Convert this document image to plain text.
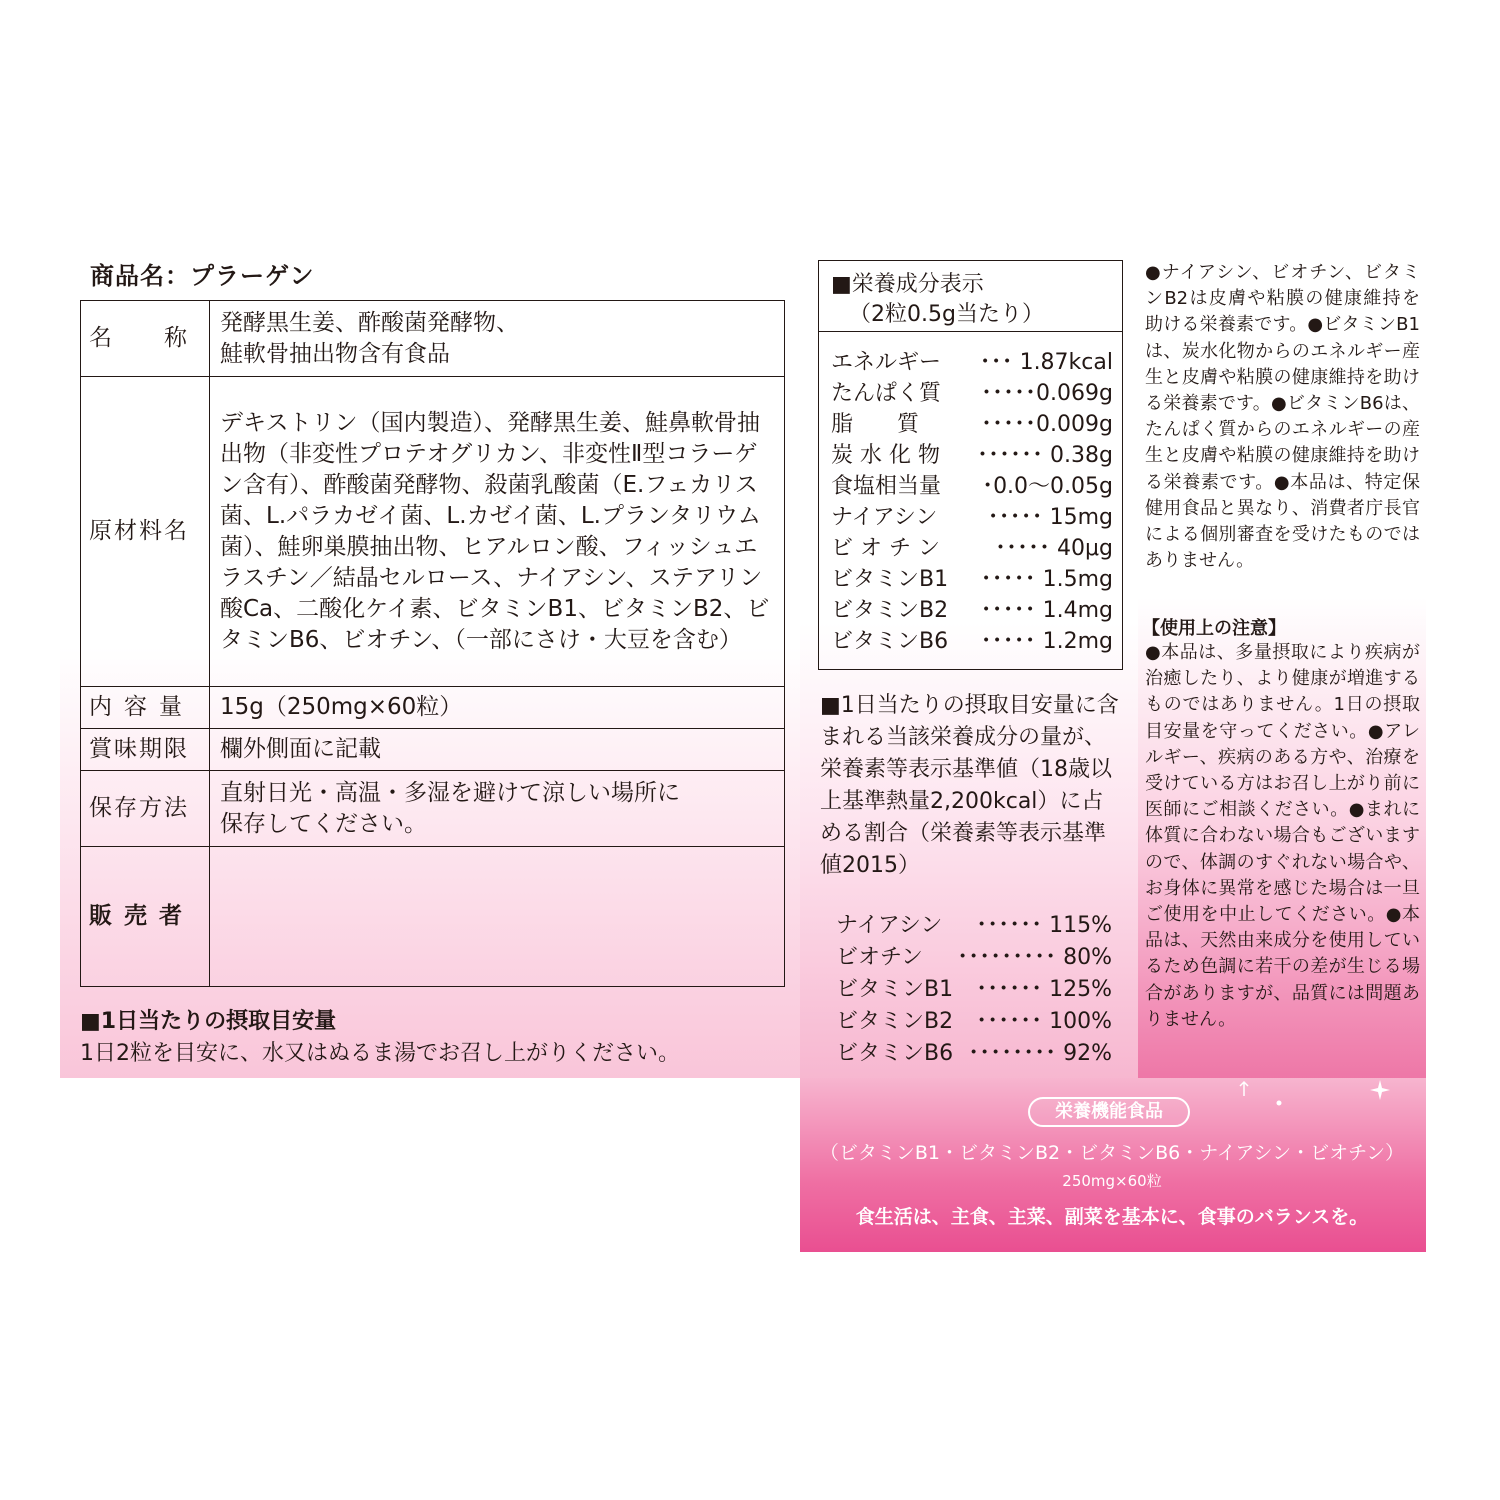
商品名：プラーゲン
名　　称	発酵黒生姜、酢酸菌発酵物、
鮭軟骨抽出物含有食品
原材料名	デキストリン（国内製造）、発酵黒生姜、鮭鼻軟骨抽出物（非変性プロテオグリカン、非変性Ⅱ型コラーゲン含有）、酢酸菌発酵物、殺菌乳酸菌（E.フェカリス菌、L.パラカゼイ菌、L.カゼイ菌、L.プランタリウム菌）、鮭卵巣膜抽出物、ヒアルロン酸、フィッシュエラスチン／結晶セルロース、ナイアシン、ステアリン酸Ca、二酸化ケイ素、ビタミンB1、ビタミンB2、ビタミンB6、ビオチン、（一部にさけ・大豆を含む）
内容量	15g（250mg×60粒）
賞味期限	欄外側面に記載
保存方法	直射日光・高温・多湿を避けて涼しい場所に
保存してください。
販売者	
■1日当たりの摂取目安量
1日2粒を目安に、水又はぬるま湯でお召し上がりください。
■栄養成分表示
（2粒0.5g当たり）
エネルギー ･･･ 1.87kcal
たんぱく質 ･････0.069g
脂　　質	･････0.009g
炭 水 化 物 ･･････ 0.38g
食塩相当量 ･0.0〜0.05g
ナイアシン ･････ 15mg
ビ オ チ ン	･････ 40μg
ビタミンB1 ･････ 1.5mg
ビタミンB2 ･････ 1.4mg
ビタミンB6 ･････ 1.2mg
■1日当たりの摂取目安量に含まれる当該栄養成分の量が、栄養素等表示基準値（18歳以上基準熱量2,200kcal）に占める割合（栄養素等表示基準値2015）
ナイアシン ･･････ 115%
ビオチン ･････････ 80%
ビタミンB1 ･･････ 125%
ビタミンB2 ･･････ 100%
ビタミンB6 ････････ 92%
●ナイアシン、ビオチン、ビタミンB2は皮膚や粘膜の健康維持を助ける栄養素です。●ビタミンB1は、炭水化物からのエネルギー産生と皮膚や粘膜の健康維持を助ける栄養素です。●ビタミンB6は、たんぱく質からのエネルギーの産生と皮膚や粘膜の健康維持を助ける栄養素です。●本品は、特定保健用食品と異なり、消費者庁長官による個別審査を受けたものではありません。
【使用上の注意】
●本品は、多量摂取により疾病が治癒したり、より健康が増進するものではありません。1日の摂取目安量を守ってください。●アレルギー、疾病のある方や、治療を受けている方はお召し上がり前に医師にご相談ください。●まれに体質に合わない場合もございますので、体調のすぐれない場合や、お身体に異常を感じた場合は一旦ご使用を中止してください。●本品は、天然由来成分を使用しているため色調に若干の差が生じる場合がありますが、品質には問題ありません。
栄養機能食品
（ビタミンB1・ビタミンB2・ビタミンB6・ナイアシン・ビオチン）
250mg×60粒
食生活は、主食、主菜、副菜を基本に、食事のバランスを。
